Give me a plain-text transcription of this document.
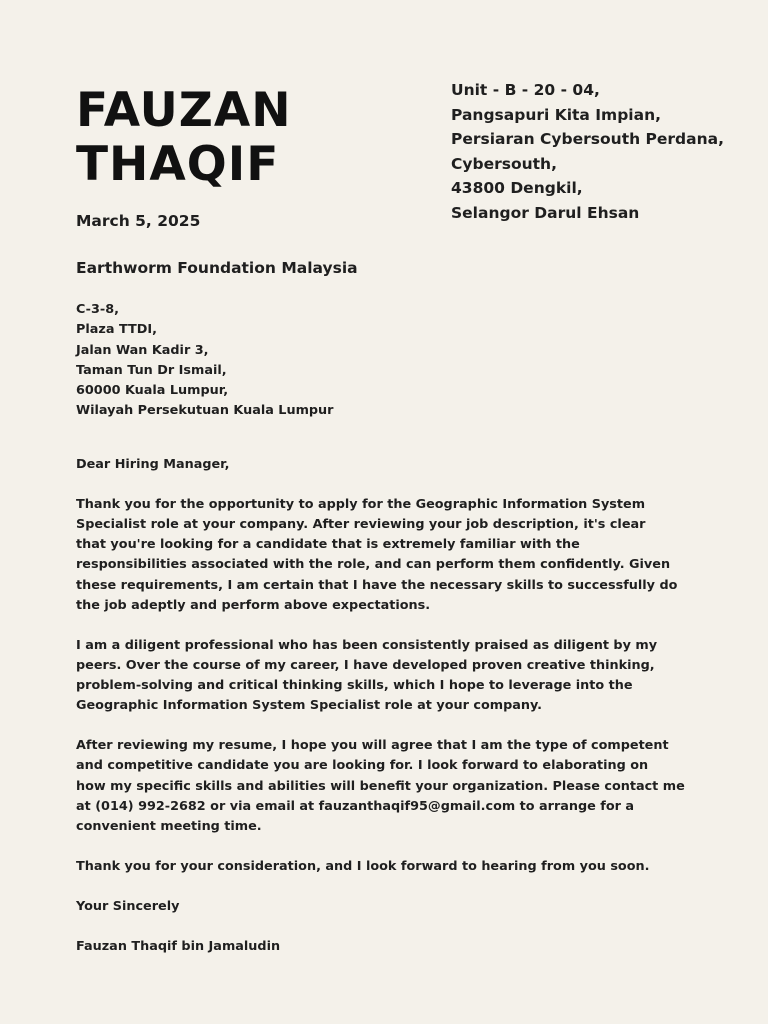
FAUZAN
THAQIF
Unit - B - 20 - 04,
Pangsapuri Kita Impian,
Persiaran Cybersouth Perdana,
Cybersouth,
43800 Dengkil,
Selangor Darul Ehsan
March 5, 2025
Earthworm Foundation Malaysia
C-3-8,
Plaza TTDI,
Jalan Wan Kadir 3,
Taman Tun Dr Ismail,
60000 Kuala Lumpur,
Wilayah Persekutuan Kuala Lumpur

Dear Hiring Manager,

Thank you for the opportunity to apply for the Geographic Information System
Specialist role at your company. After reviewing your job description, it's clear
that you're looking for a candidate that is extremely familiar with the
responsibilities associated with the role, and can perform them confidently. Given
these requirements, I am certain that I have the necessary skills to successfully do
the job adeptly and perform above expectations.

I am a diligent professional who has been consistently praised as diligent by my
peers. Over the course of my career, I have developed proven creative thinking,
problem-solving and critical thinking skills, which I hope to leverage into the
Geographic Information System Specialist role at your company.

After reviewing my resume, I hope you will agree that I am the type of competent
and competitive candidate you are looking for. I look forward to elaborating on
how my specific skills and abilities will benefit your organization. Please contact me
at (014) 992-2682 or via email at fauzanthaqif95@gmail.com to arrange for a
convenient meeting time.

Thank you for your consideration, and I look forward to hearing from you soon.

Your Sincerely

Fauzan Thaqif bin Jamaludin
